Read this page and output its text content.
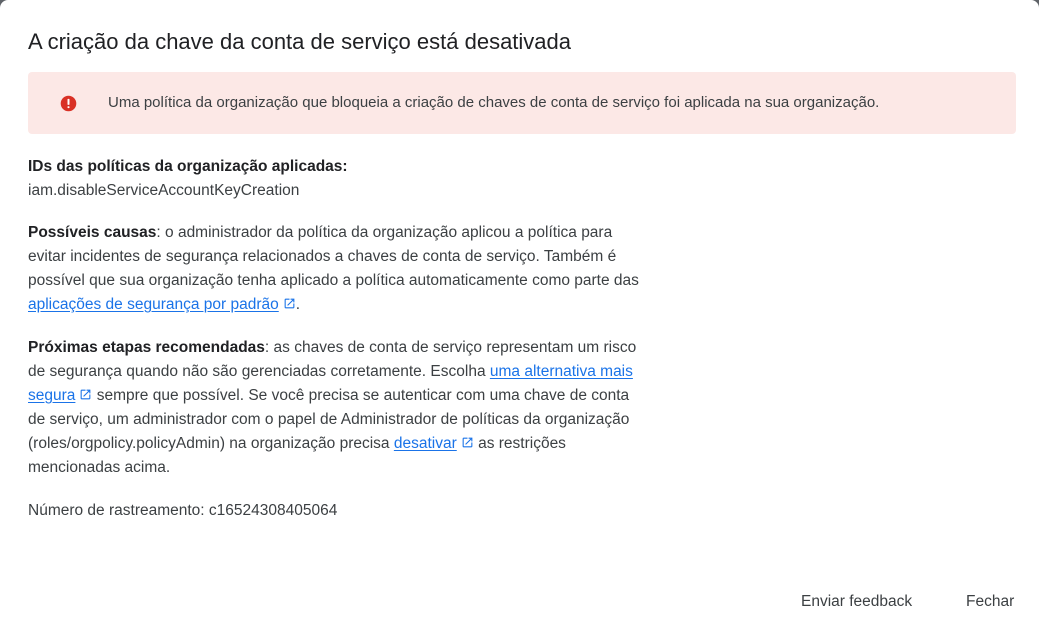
A criação da chave da conta de serviço está desativada
Uma política da organização que bloqueia a criação de chaves de conta de serviço foi aplicada na sua organização.
IDs das políticas da organização aplicadas:
iam.disableServiceAccountKeyCreation
Possíveis causas: o administrador da política da organização aplicou a política para evitar incidentes de segurança relacionados a chaves de conta de serviço. Também é possível que sua organização tenha aplicado a política automaticamente como parte das aplicações de segurança por padrão .
Próximas etapas recomendadas: as chaves de conta de serviço representam um risco de segurança quando não são gerenciadas corretamente. Escolha uma alternativa mais segura sempre que possível. Se você precisa se autenticar com uma chave de conta de serviço, um administrador com o papel de Administrador de políticas da organização (roles/orgpolicy.policyAdmin) na organização precisa desativar as restrições mencionadas acima.
Número de rastreamento: c16524308405064
Enviar feedback	Fechar
